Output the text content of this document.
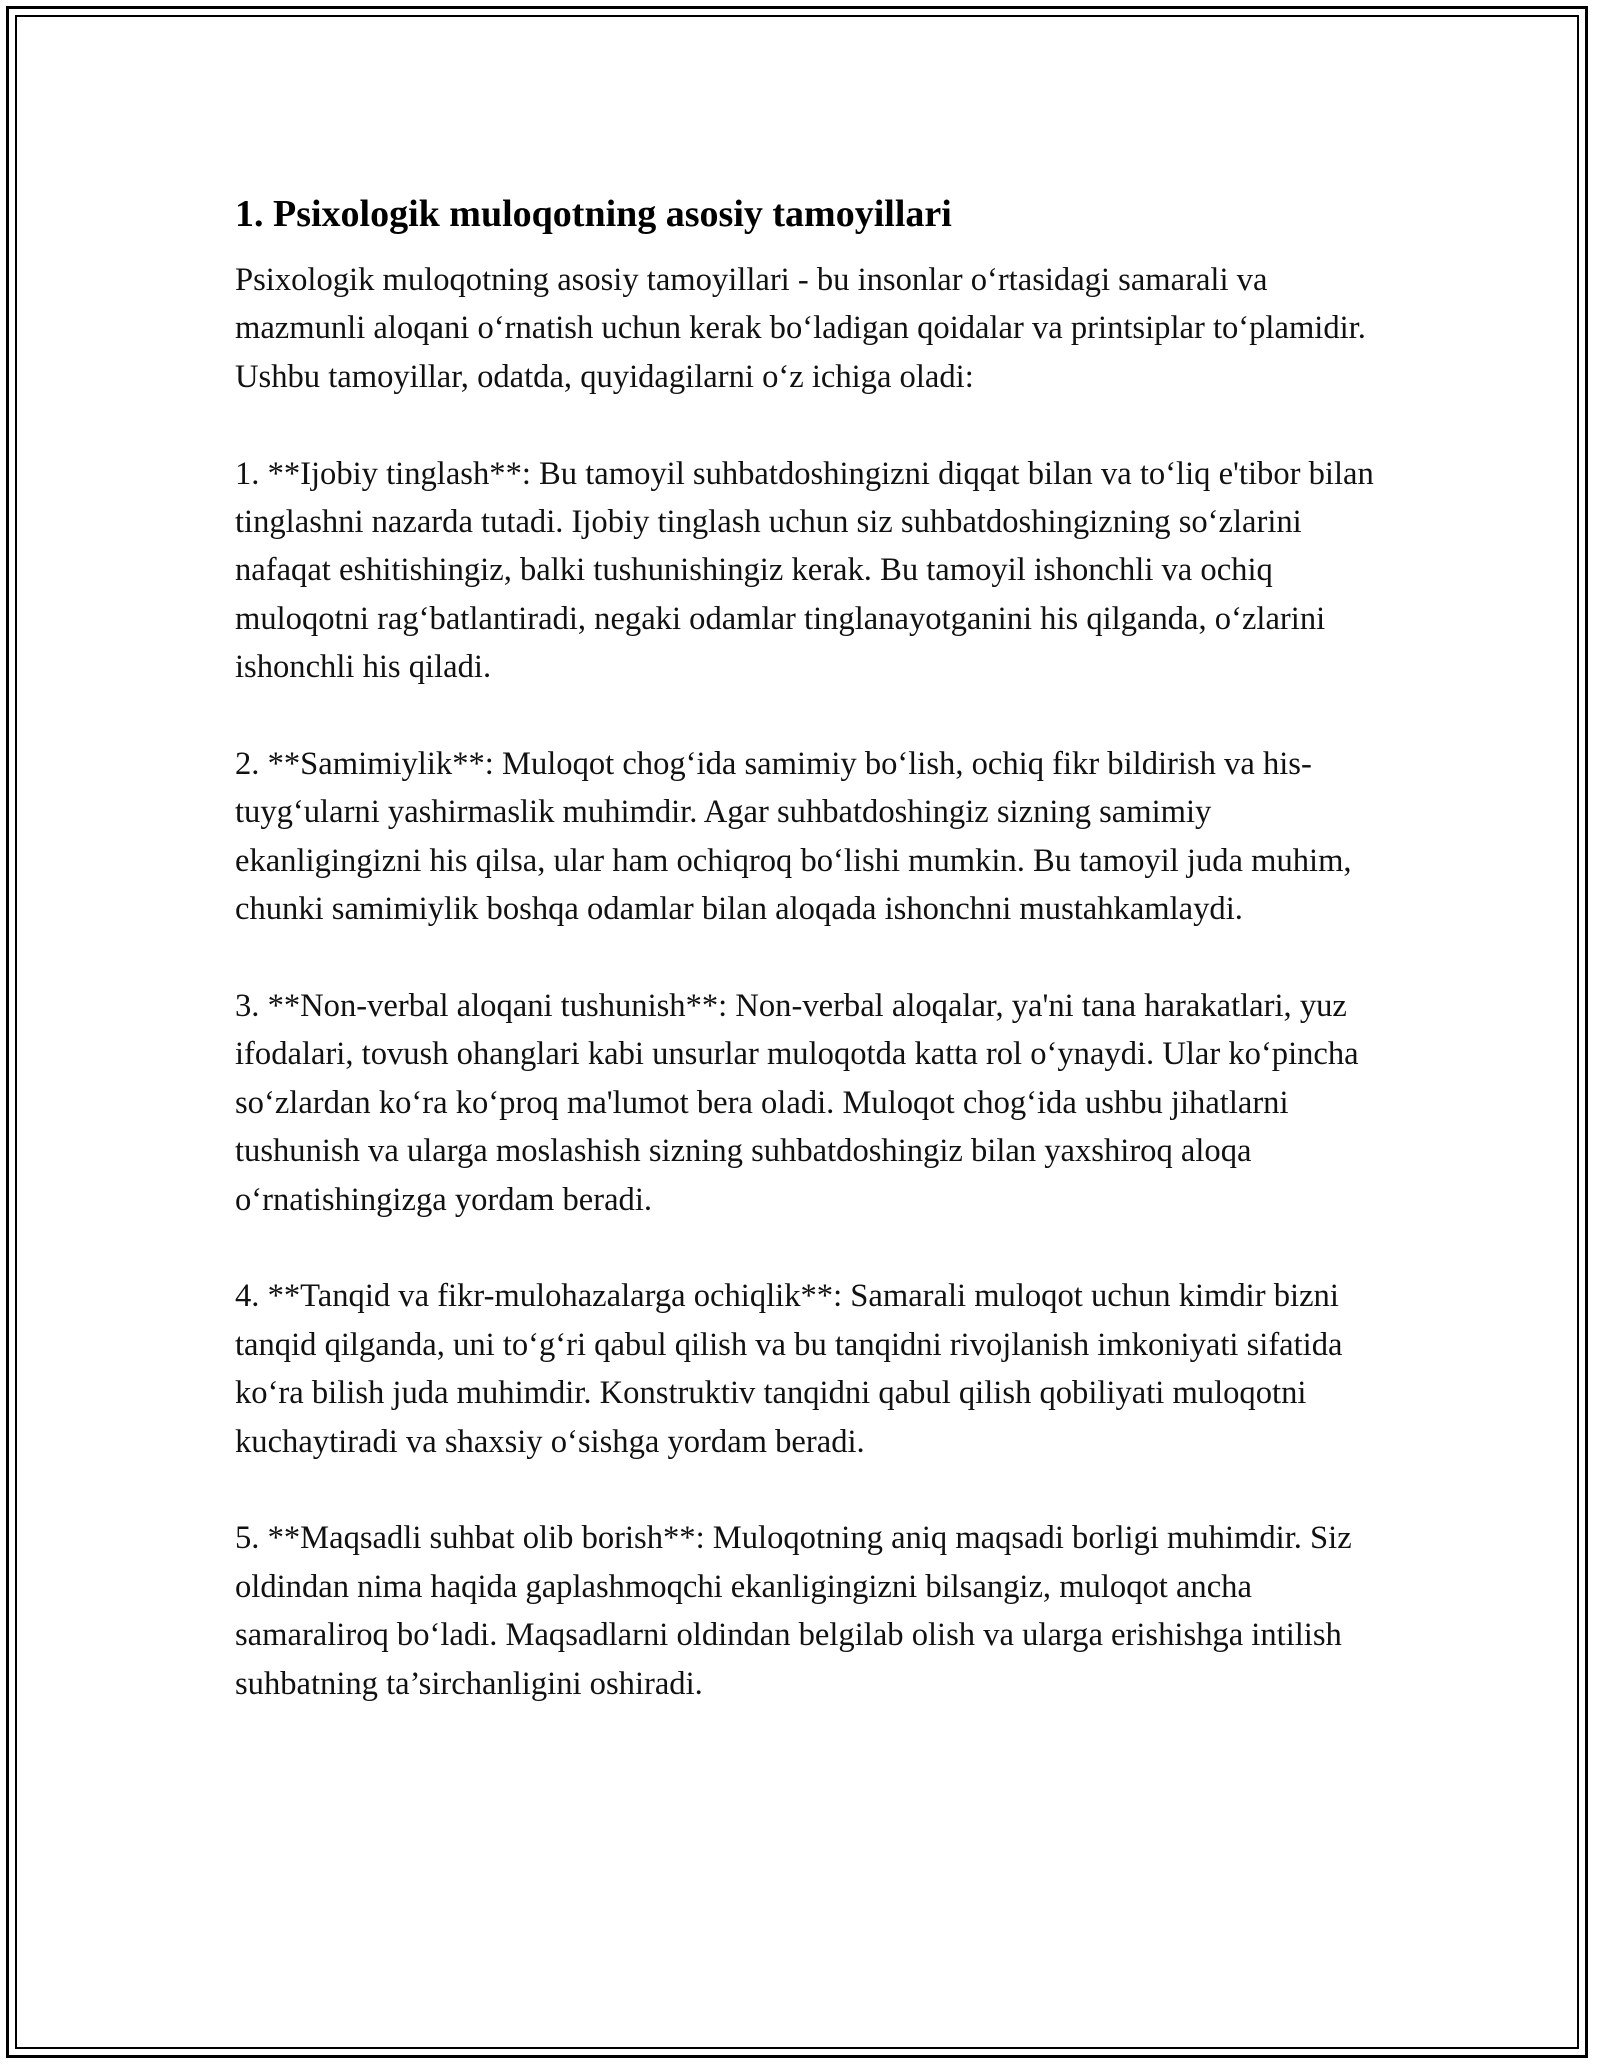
1. Psixologik muloqotning asosiy tamoyillari

Psixologik muloqotning asosiy tamoyillari - bu insonlar o‘rtasidagi samarali va mazmunli aloqani o‘rnatish uchun kerak bo‘ladigan qoidalar va printsiplar to‘plamidir. Ushbu tamoyillar, odatda, quyidagilarni o‘z ichiga oladi:

1. **Ijobiy tinglash**: Bu tamoyil suhbatdoshingizni diqqat bilan va to‘liq e'tibor bilan tinglashni nazarda tutadi. Ijobiy tinglash uchun siz suhbatdoshingizning so‘zlarini nafaqat eshitishingiz, balki tushunishingiz kerak. Bu tamoyil ishonchli va ochiq muloqotni rag‘batlantiradi, negaki odamlar tinglanayotganini his qilganda, o‘zlarini ishonchli his qiladi.

2. **Samimiylik**: Muloqot chog‘ida samimiy bo‘lish, ochiq fikr bildirish va his-tuyg‘ularni yashirmaslik muhimdir. Agar suhbatdoshingiz sizning samimiy ekanligingizni his qilsa, ular ham ochiqroq bo‘lishi mumkin. Bu tamoyil juda muhim, chunki samimiylik boshqa odamlar bilan aloqada ishonchni mustahkamlaydi.

3. **Non-verbal aloqani tushunish**: Non-verbal aloqalar, ya'ni tana harakatlari, yuz ifodalari, tovush ohanglari kabi unsurlar muloqotda katta rol o‘ynaydi. Ular ko‘pincha so‘zlardan ko‘ra ko‘proq ma'lumot bera oladi. Muloqot chog‘ida ushbu jihatlarni tushunish va ularga moslashish sizning suhbatdoshingiz bilan yaxshiroq aloqa o‘rnatishingizga yordam beradi.

4. **Tanqid va fikr-mulohazalarga ochiqlik**: Samarali muloqot uchun kimdir bizni tanqid qilganda, uni to‘g‘ri qabul qilish va bu tanqidni rivojlanish imkoniyati sifatida ko‘ra bilish juda muhimdir. Konstruktiv tanqidni qabul qilish qobiliyati muloqotni kuchaytiradi va shaxsiy o‘sishga yordam beradi.

5. **Maqsadli suhbat olib borish**: Muloqotning aniq maqsadi borligi muhimdir. Siz oldindan nima haqida gaplashmoqchi ekanligingizni bilsangiz, muloqot ancha samaraliroq bo‘ladi. Maqsadlarni oldindan belgilab olish va ularga erishishga intilish suhbatning ta’sirchanligini oshiradi.
